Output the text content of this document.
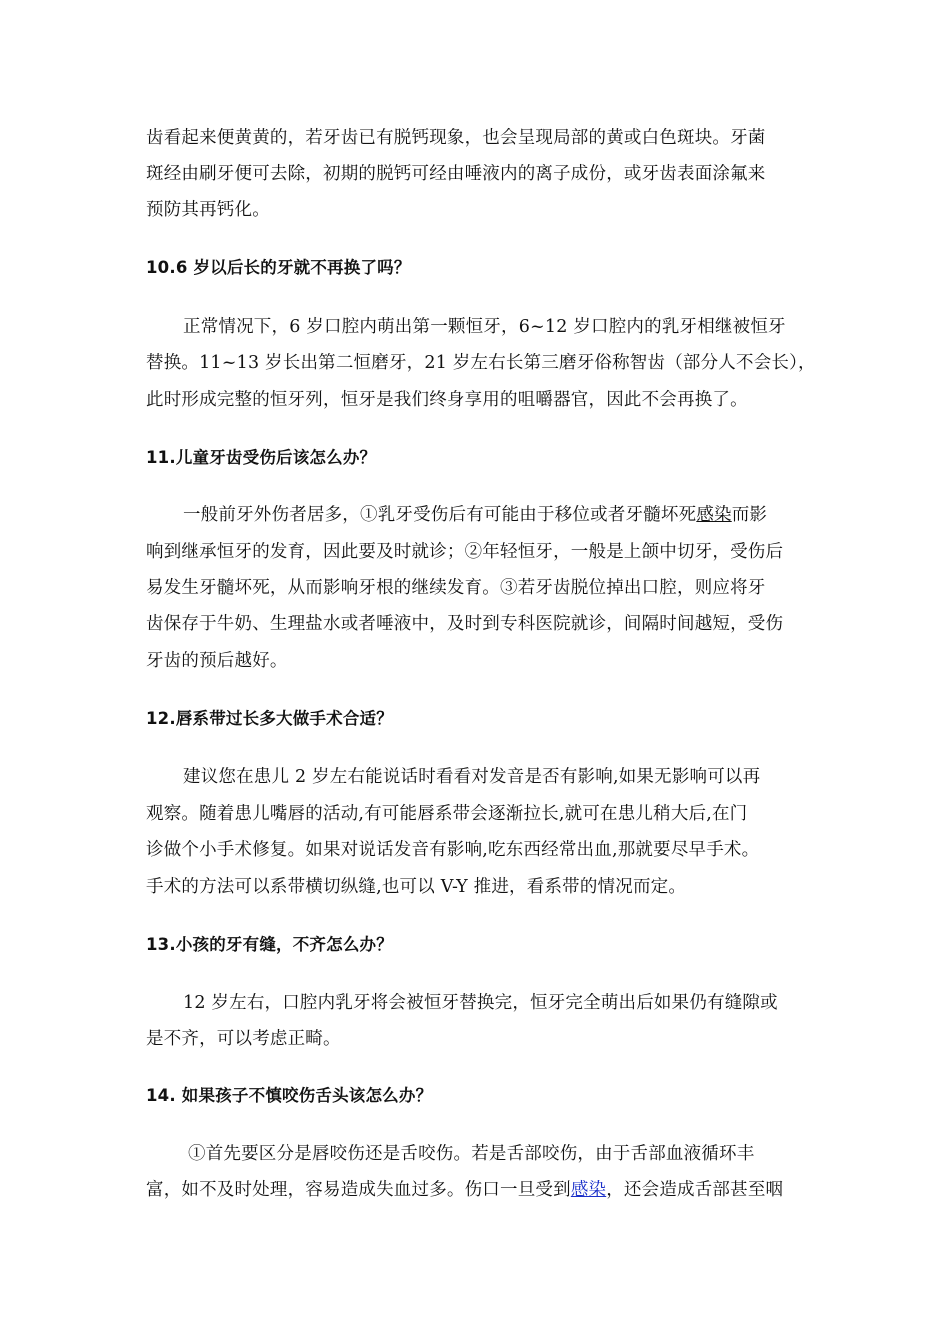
齿看起来便黄黄的，若牙齿已有脱钙现象，也会呈现局部的黄或白色斑块。牙菌
斑经由刷牙便可去除，初期的脱钙可经由唾液内的离子成份，或牙齿表面涂氟来
预防其再钙化。
10.6 岁以后长的牙就不再换了吗？
正常情况下，6 岁口腔内萌出第一颗恒牙，6~12 岁口腔内的乳牙相继被恒牙
替换。11~13 岁长出第二恒磨牙，21 岁左右长第三磨牙俗称智齿（部分人不会长），
此时形成完整的恒牙列，恒牙是我们终身享用的咀嚼器官，因此不会再换了。
11.儿童牙齿受伤后该怎么办？
一般前牙外伤者居多，①乳牙受伤后有可能由于移位或者牙髓坏死感染而影
响到继承恒牙的发育，因此要及时就诊；②年轻恒牙，一般是上颌中切牙，受伤后
易发生牙髓坏死，从而影响牙根的继续发育。③若牙齿脱位掉出口腔，则应将牙
齿保存于牛奶、生理盐水或者唾液中，及时到专科医院就诊，间隔时间越短，受伤
牙齿的预后越好。
12.唇系带过长多大做手术合适？
建议您在患儿 2 岁左右能说话时看看对发音是否有影响,如果无影响可以再
观察。随着患儿嘴唇的活动,有可能唇系带会逐渐拉长,就可在患儿稍大后,在门
诊做个小手术修复。如果对说话发音有影响,吃东西经常出血,那就要尽早手术。
手术的方法可以系带横切纵缝,也可以 V-Y 推进，看系带的情况而定。
13.小孩的牙有缝，不齐怎么办？
12 岁左右，口腔内乳牙将会被恒牙替换完，恒牙完全萌出后如果仍有缝隙或
是不齐，可以考虑正畸。
14. 如果孩子不慎咬伤舌头该怎么办？
①首先要区分是唇咬伤还是舌咬伤。若是舌部咬伤，由于舌部血液循环丰
富，如不及时处理，容易造成失血过多。伤口一旦受到感染，还会造成舌部甚至咽
